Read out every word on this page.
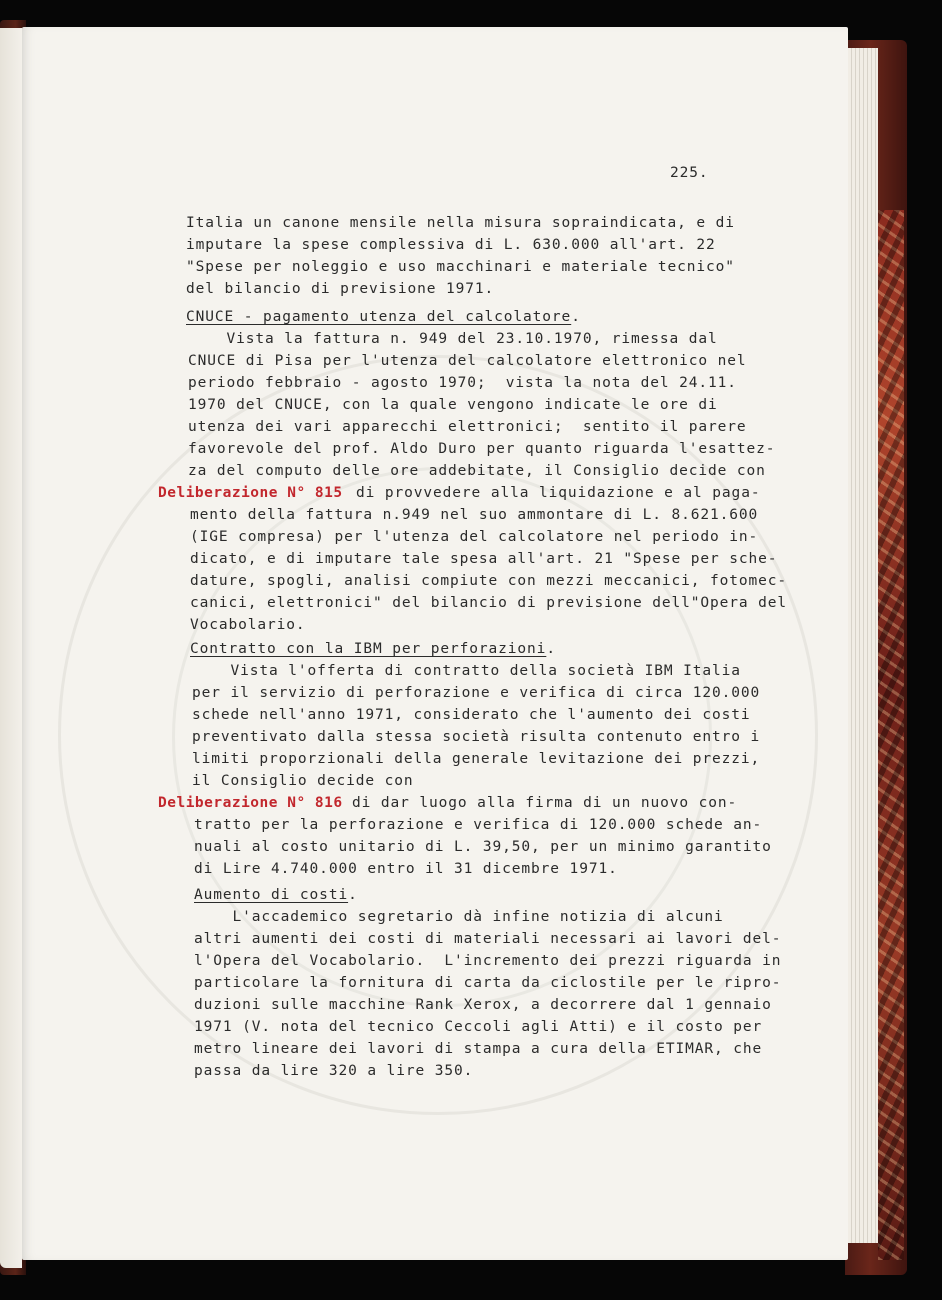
225.

Italia un canone mensile nella misura sopraindicata, e di

imputare la spese complessiva di L. 630.000 all'art. 22

"Spese per noleggio e uso macchinari e materiale tecnico"

del bilancio di previsione 1971.

CNUCE - pagamento utenza del calcolatore.

Vista la fattura n. 949 del 23.10.1970, rimessa dal

CNUCE di Pisa per l'utenza del calcolatore elettronico nel

periodo febbraio - agosto 1970;  vista la nota del 24.11.

1970 del CNUCE, con la quale vengono indicate le ore di

utenza dei vari apparecchi elettronici;  sentito il parere

favorevole del prof. Aldo Duro per quanto riguarda l'esattez-

za del computo delle ore addebitate, il Consiglio decide con

Deliberazione N° 815 di provvedere alla liquidazione e al paga-

mento della fattura n.949 nel suo ammontare di L. 8.621.600

(IGE compresa) per l'utenza del calcolatore nel periodo in-

dicato, e di imputare tale spesa all'art. 21 "Spese per sche-

dature, spogli, analisi compiute con mezzi meccanici, fotomec-

canici, elettronici" del bilancio di previsione dell"Opera del

Vocabolario.

Contratto con la IBM per perforazioni.

Vista l'offerta di contratto della società IBM Italia

per il servizio di perforazione e verifica di circa 120.000

schede nell'anno 1971, considerato che l'aumento dei costi

preventivato dalla stessa società risulta contenuto entro i

limiti proporzionali della generale levitazione dei prezzi,

il Consiglio decide con

Deliberazione N° 816 di dar luogo alla firma di un nuovo con-

tratto per la perforazione e verifica di 120.000 schede an-

nuali al costo unitario di L. 39,50, per un minimo garantito

di Lire 4.740.000 entro il 31 dicembre 1971.

Aumento di costi.

L'accademico segretario dà infine notizia di alcuni

altri aumenti dei costi di materiali necessari ai lavori del-

l'Opera del Vocabolario.  L'incremento dei prezzi riguarda in

particolare la fornitura di carta da ciclostile per le ripro-

duzioni sulle macchine Rank Xerox, a decorrere dal 1 gennaio

1971 (V. nota del tecnico Ceccoli agli Atti) e il costo per

metro lineare dei lavori di stampa a cura della ETIMAR, che

passa da lire 320 a lire 350.
